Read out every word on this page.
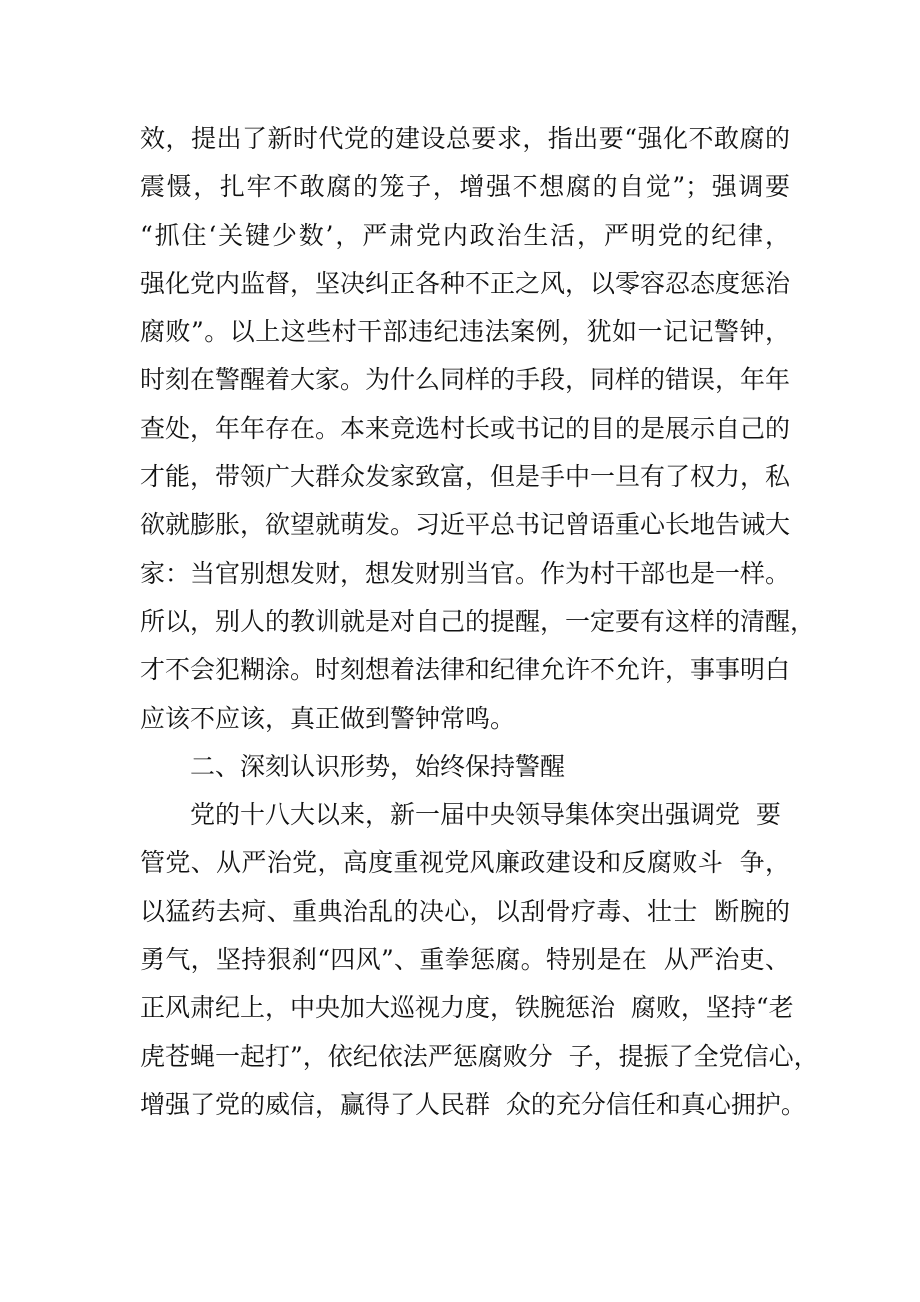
效，提出了新时代党的建设总要求，指出要“强化不敢腐的
震慑，扎牢不敢腐的笼子，增强不想腐的自觉”；强调要
“抓住‘关键少数’，严肃党内政治生活，严明党的纪律，
强化党内监督，坚决纠正各种不正之风，以零容忍态度惩治
腐败”。以上这些村干部违纪违法案例，犹如一记记警钟，
时刻在警醒着大家。为什么同样的手段，同样的错误，年年
查处，年年存在。本来竞选村长或书记的目的是展示自己的
才能，带领广大群众发家致富，但是手中一旦有了权力，私
欲就膨胀，欲望就萌发。习近平总书记曾语重心长地告诫大
家：当官别想发财，想发财别当官。作为村干部也是一样。
所以，别人的教训就是对自己的提醒，一定要有这样的清醒，
才不会犯糊涂。时刻想着法律和纪律允许不允许，事事明白
应该不应该，真正做到警钟常鸣。
二、深刻认识形势，始终保持警醒
党的十八大以来，新一届中央领导集体突出强调党  要
管党、从严治党，高度重视党风廉政建设和反腐败斗  争，
以猛药去疴、重典治乱的决心，以刮骨疗毒、壮士  断腕的
勇气，坚持狠刹“四风”、重拳惩腐。特别是在  从严治吏、
正风肃纪上，中央加大巡视力度，铁腕惩治  腐败，坚持“老
虎苍蝇一起打”，依纪依法严惩腐败分  子，提振了全党信心，
增强了党的威信，赢得了人民群  众的充分信任和真心拥护。
